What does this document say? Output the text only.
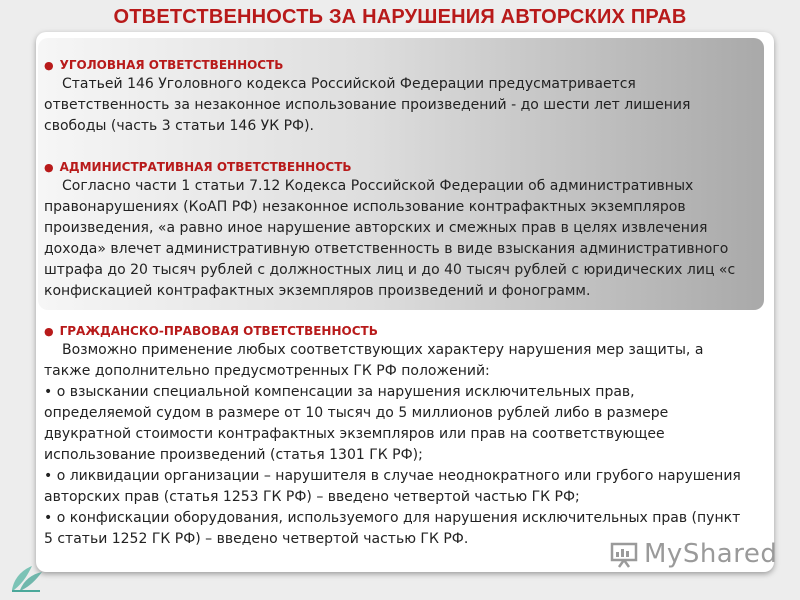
ОТВЕТСТВЕННОСТЬ ЗА НАРУШЕНИЯ АВТОРСКИХ ПРАВ
● УГОЛОВНАЯ ОТВЕТСТВЕННОСТЬ
Статьей 146 Уголовного кодекса Российской Федерации предусматривается
ответственность за незаконное использование произведений - до шести лет лишения
свободы (часть 3 статьи 146 УК РФ).
● АДМИНИСТРАТИВНАЯ ОТВЕТСТВЕННОСТЬ
Согласно части 1 статьи 7.12 Кодекса Российской Федерации об административных
правонарушениях (КоАП РФ) незаконное использование контрафактных экземпляров
произведения, «а равно иное нарушение авторских и смежных прав в целях извлечения
дохода» влечет административную ответственность в виде взыскания административного
штрафа до 20 тысяч рублей с должностных лиц и до 40 тысяч рублей с юридических лиц «с
конфискацией контрафактных экземпляров произведений и фонограмм.
● ГРАЖДАНСКО-ПРАВОВАЯ ОТВЕТСТВЕННОСТЬ
Возможно применение любых соответствующих характеру нарушения мер защиты, а
также дополнительно предусмотренных ГК РФ положений:
• о взыскании специальной компенсации за нарушения исключительных прав,
определяемой судом в размере от 10 тысяч до 5 миллионов рублей либо в размере
двукратной стоимости контрафактных экземпляров или прав на соответствующее
использование произведений (статья 1301 ГК РФ);
• о ликвидации организации – нарушителя в случае неоднократного или грубого нарушения
авторских прав (статья 1253 ГК РФ) – введено четвертой частью ГК РФ;
• о конфискации оборудования, используемого для нарушения исключительных прав (пункт
5 статьи 1252 ГК РФ) – введено четвертой частью ГК РФ.	MyShared
